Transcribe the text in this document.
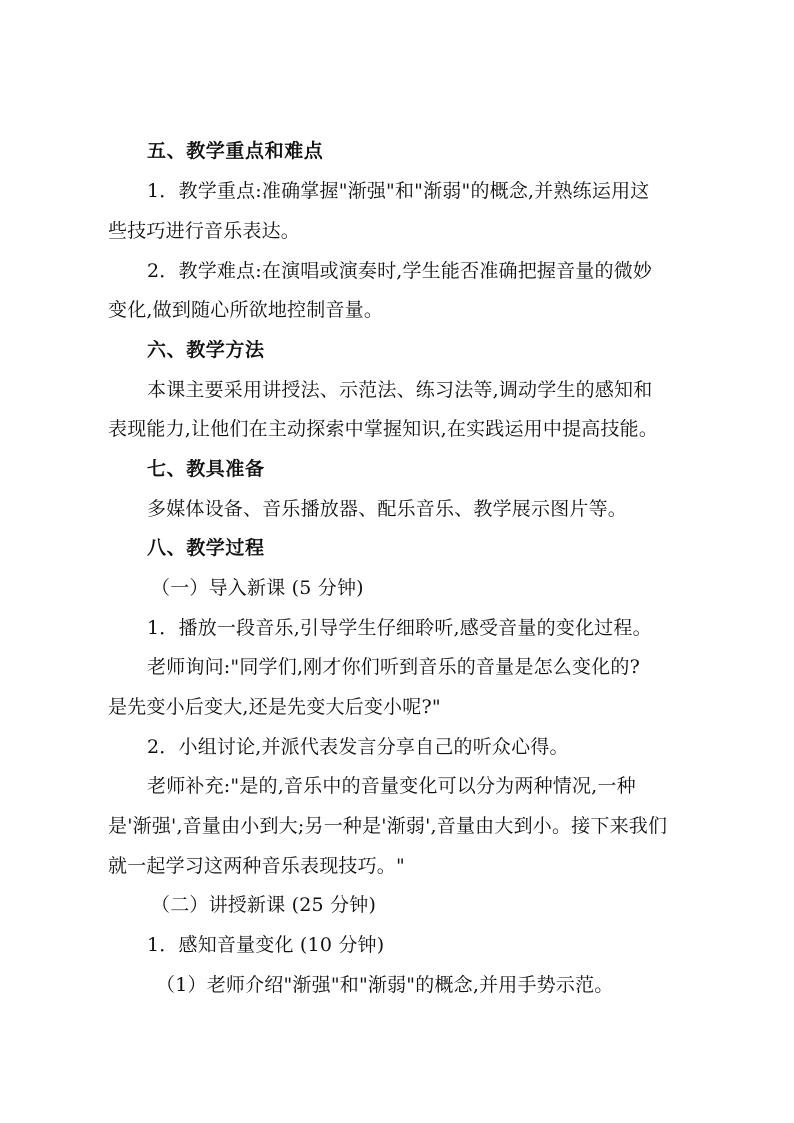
五、教学重点和难点
1．教学重点:准确掌握"渐强"和"渐弱"的概念,并熟练运用这
些技巧进行音乐表达。
2．教学难点:在演唱或演奏时,学生能否准确把握音量的微妙
变化,做到随心所欲地控制音量。
六、教学方法
本课主要采用讲授法、示范法、练习法等,调动学生的感知和
表现能力,让他们在主动探索中掌握知识,在实践运用中提高技能。
七、教具准备
多媒体设备、音乐播放器、配乐音乐、教学展示图片等。
八、教学过程
（一）导入新课 (5 分钟)
1．播放一段音乐,引导学生仔细聆听,感受音量的变化过程。
老师询问:"同学们,刚才你们听到音乐的音量是怎么变化的?
是先变小后变大,还是先变大后变小呢?"
2．小组讨论,并派代表发言分享自己的听众心得。
老师补充:"是的,音乐中的音量变化可以分为两种情况,一种
是'渐强',音量由小到大;另一种是'渐弱',音量由大到小。接下来我们
就一起学习这两种音乐表现技巧。"
（二）讲授新课 (25 分钟)
1．感知音量变化 (10 分钟)
（1）老师介绍"渐强"和"渐弱"的概念,并用手势示范。
